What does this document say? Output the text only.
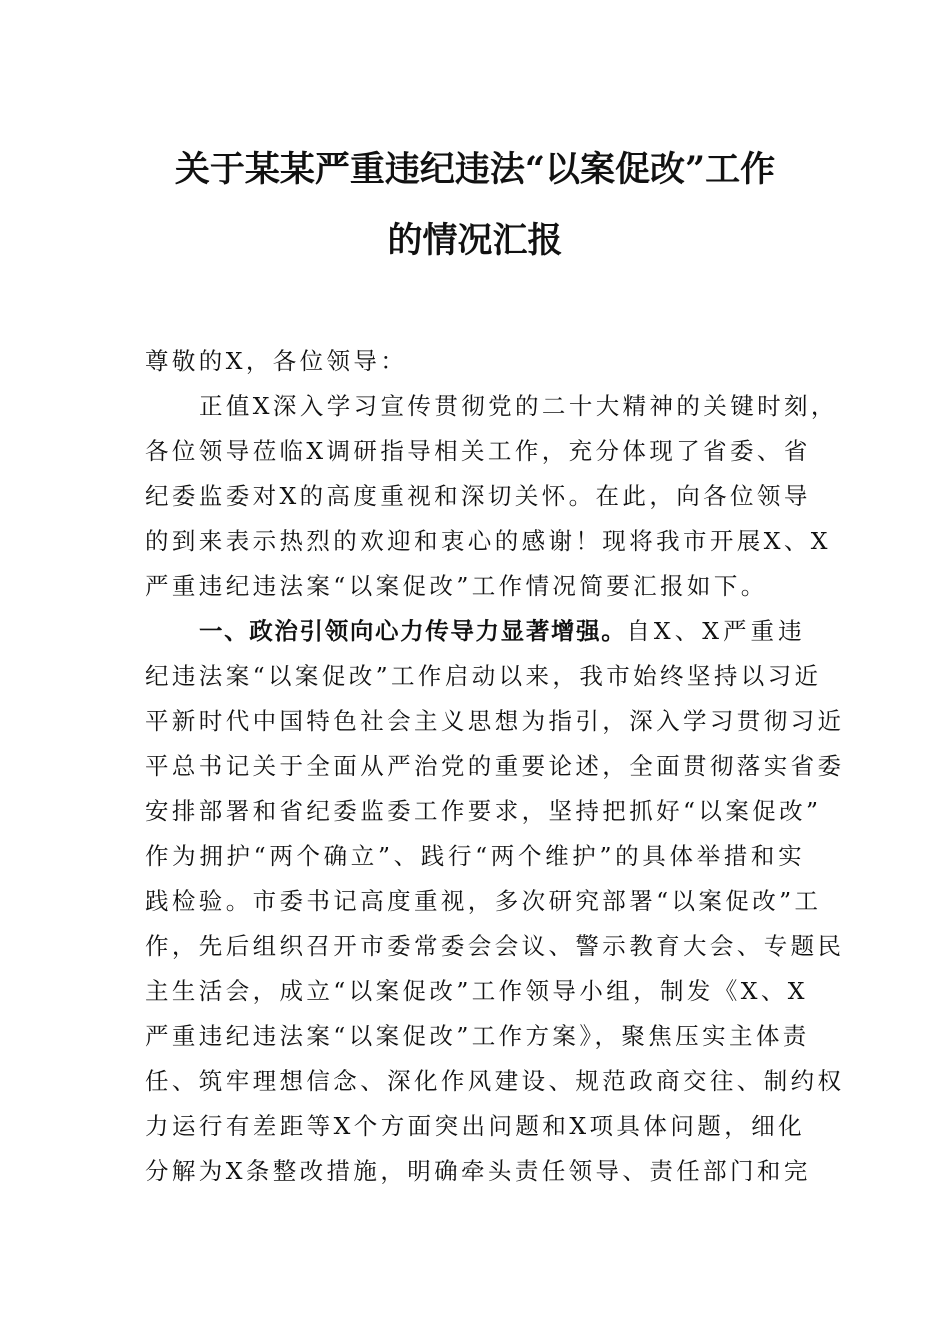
关于某某严重违纪违法“以案促改”工作
的情况汇报
尊敬的X，各位领导：
正值X深入学习宣传贯彻党的二十大精神的关键时刻，
各位领导莅临X调研指导相关工作，充分体现了省委、省
纪委监委对X的高度重视和深切关怀。在此，向各位领导
的到来表示热烈的欢迎和衷心的感谢！现将我市开展X、X
严重违纪违法案“以案促改”工作情况简要汇报如下。
一、政治引领向心力传导力显著增强。自X、X严重违
纪违法案“以案促改”工作启动以来，我市始终坚持以习近
平新时代中国特色社会主义思想为指引，深入学习贯彻习近
平总书记关于全面从严治党的重要论述，全面贯彻落实省委
安排部署和省纪委监委工作要求，坚持把抓好“以案促改”
作为拥护“两个确立”、践行“两个维护”的具体举措和实
践检验。市委书记高度重视，多次研究部署“以案促改”工
作，先后组织召开市委常委会会议、警示教育大会、专题民
主生活会，成立“以案促改”工作领导小组，制发《X、X
严重违纪违法案“以案促改”工作方案》，聚焦压实主体责
任、筑牢理想信念、深化作风建设、规范政商交往、制约权
力运行有差距等X个方面突出问题和X项具体问题，细化
分解为X条整改措施，明确牵头责任领导、责任部门和完
